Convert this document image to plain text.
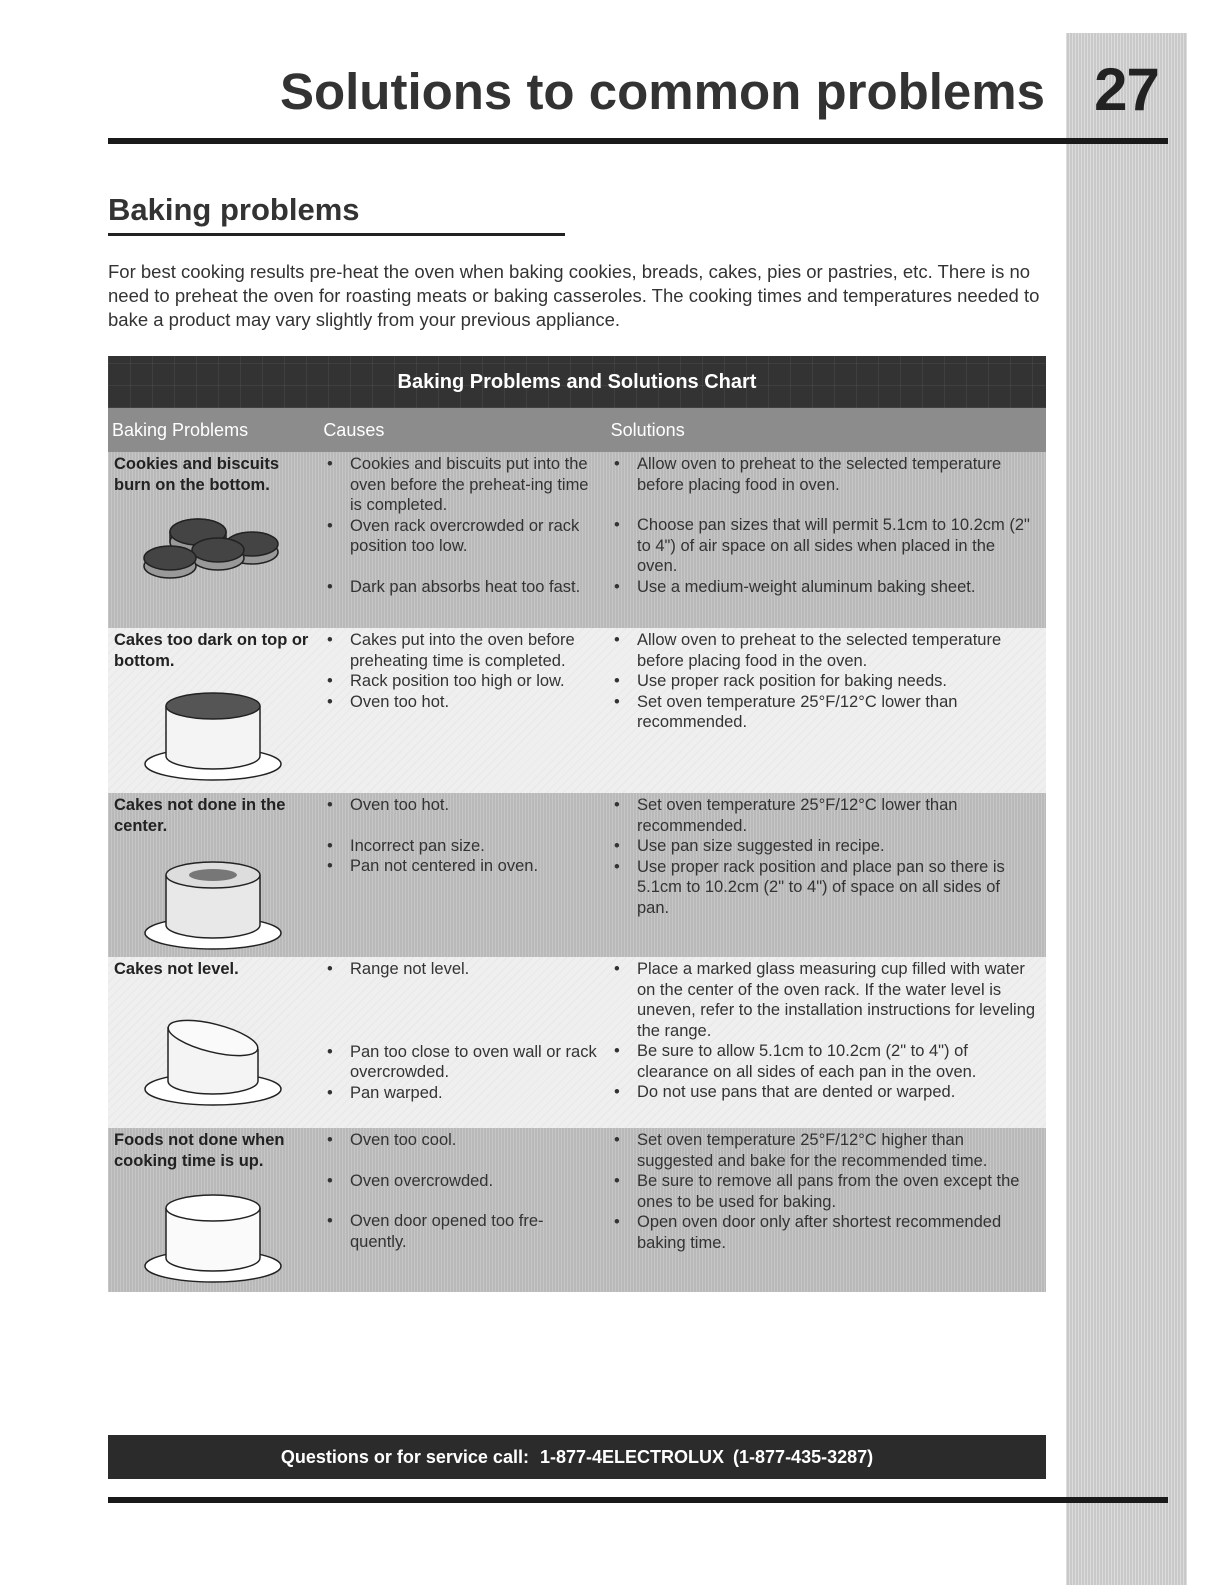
27
Solutions to common problems
Baking problems

For best cooking results pre-heat the oven when baking cookies, breads, cakes, pies or pastries, etc. There is no need to preheat the oven for roasting meats or baking casseroles. The cooking times and temperatures needed to bake a product may vary slightly from your previous appliance.

Baking Problems and Solutions Chart
Baking Problems	Causes	Solutions
Cookies and biscuits burn on the bottom.
• Cookies and biscuits put into the oven before the preheat-ing time is completed.
• Oven rack overcrowded or rack position too low.
• Dark pan absorbs heat too fast.
• Allow oven to preheat to the selected temperature before placing food in oven.
• Choose pan sizes that will permit 5.1cm to 10.2cm (2" to 4") of air space on all sides when placed in the oven.
• Use a medium-weight aluminum baking sheet.
Cakes too dark on top or bottom.
• Cakes put into the oven before preheating time is completed.
• Rack position too high or low.
• Oven too hot.
• Allow oven to preheat to the selected temperature before placing food in the oven.
• Use proper rack position for baking needs.
• Set oven temperature 25°F/12°C lower than recommended.
Cakes not done in the center.
• Oven too hot.
• Incorrect pan size.
• Pan not centered in oven.
• Set oven temperature 25°F/12°C lower than recommended.
• Use pan size suggested in recipe.
• Use proper rack position and place pan so there is 5.1cm to 10.2cm (2" to 4") of space on all sides of pan.
Cakes not level.
•	Range not level.
• Pan too close to oven wall or rack overcrowded.
• Pan warped.
• Place a marked glass measuring cup filled with water on the center of the oven rack. If the water level is uneven, refer to the installation instructions for leveling the range.
• Be sure to allow 5.1cm to 10.2cm (2" to 4") of clearance on all sides of each pan in the oven.
• Do not use pans that are dented or warped.
Foods not done when cooking time is up.
• Oven too cool.
• Oven overcrowded.
• Oven door opened too fre-quently.
• Set oven temperature 25°F/12°C higher than suggested and bake for the recommended time.
• Be sure to remove all pans from the oven except the ones to be used for baking.
• Open oven door only after shortest recommended baking time.
Questions or for service call: 1-877-4ELECTROLUX (1-877-435-3287)
